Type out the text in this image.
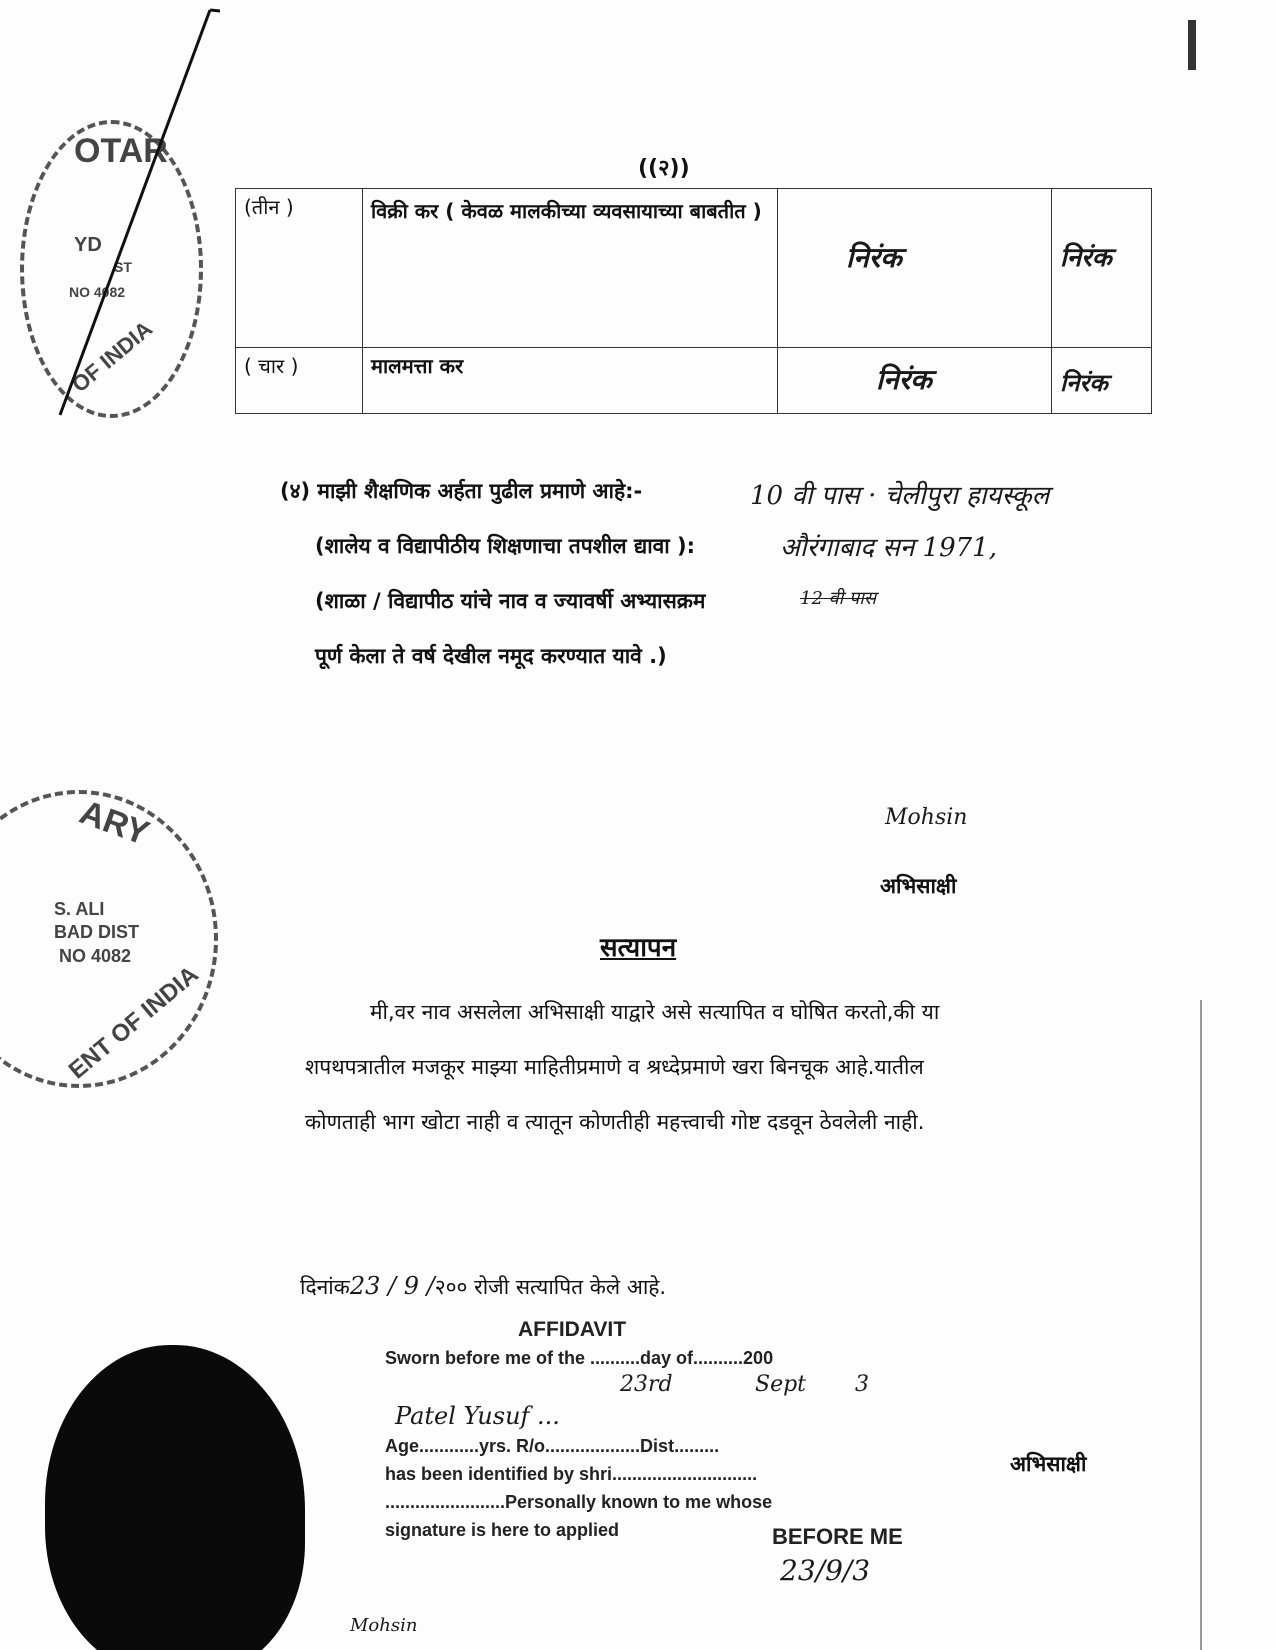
OTAR
YD
ST
NO 4082
OF INDIA
((२))
(तीन )	विक्री कर ( केवळ मालकीच्या व्यवसायाच्या बाबतीत )	निरंक	निरंक

( चार )	मालमत्ता कर	निरंक	निरंक
(४) माझी शैक्षणिक अर्हता पुढील प्रमाणे आहे:-
(शालेय व विद्यापीठीय शिक्षणाचा तपशील द्यावा ):
(शाळा / विद्यापीठ यांचे नाव व ज्यावर्षी अभ्यासक्रम
पूर्ण केला ते वर्ष देखील नमूद करण्यात यावे .)
10 वी पास · चेलीपुरा हायस्कूल
औरंगाबाद सन 1971,
12 वी पास
ARY
S. ALI
BAD DIST
NO 4082
ENT OF INDIA
Mohsin
अभिसाक्षी
सत्यापन
मी,वर नाव असलेला अभिसाक्षी याद्वारे असे सत्यापित व घोषित करतो,की या
शपथपत्रातील मजकूर माझ्या माहितीप्रमाणे व श्रध्देप्रमाणे खरा बिनचूक आहे.यातील
कोणताही भाग खोटा नाही व त्यातून कोणतीही महत्त्वाची गोष्ट दडवून ठेवलेली नाही.
दिनांक23 / 9 /२०० रोजी सत्यापित केले आहे.
AFFIDAVIT
Sworn before me of the ..........day of..........200
23rd	Sept 3
Patel Yusuf ...
Age............yrs. R/o...................Dist.........
has been identified by shri.............................
........................Personally known to me whose
signature is here to applied	BEFORE ME
23/9/3
अभिसाक्षी
Mohsin
